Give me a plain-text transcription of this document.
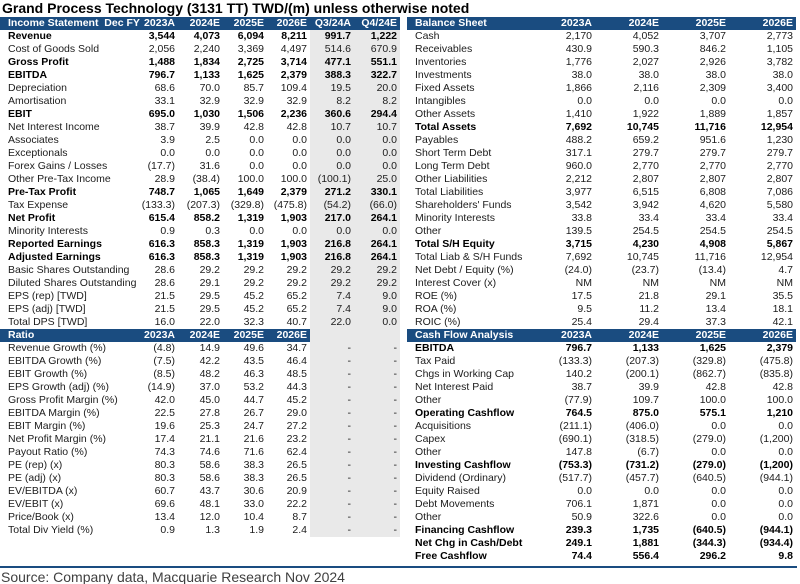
Grand Process Technology (3131 TT) TWD/(m) unless otherwise noted
Income Statement  Dec FY	2023A	2024E	2025E	2026E	Q3/24A	Q4/24E
Revenue	3,544	4,073	6,094	8,211	991.7	1,222
Cost of Goods Sold	2,056	2,240	3,369	4,497	514.6	670.9
Gross Profit	1,488	1,834	2,725	3,714	477.1	551.1
EBITDA	796.7	1,133	1,625	2,379	388.3	322.7
Depreciation	68.6	70.0	85.7	109.4	19.5	20.0
Amortisation	33.1	32.9	32.9	32.9	8.2	8.2
EBIT	695.0	1,030	1,506	2,236	360.6	294.4
Net Interest Income	38.7	39.9	42.8	42.8	10.7	10.7
Associates	3.9	2.5	0.0	0.0	0.0	0.0
Exceptionals	0.0	0.0	0.0	0.0	0.0	0.0
Forex Gains / Losses	(17.7)	31.6	0.0	0.0	0.0	0.0
Other Pre-Tax Income	28.9	(38.4)	100.0	100.0	(100.1)	25.0
Pre-Tax Profit	748.7	1,065	1,649	2,379	271.2	330.1
Tax Expense	(133.3)	(207.3)	(329.8)	(475.8)	(54.2)	(66.0)
Net Profit	615.4	858.2	1,319	1,903	217.0	264.1
Minority Interests	0.9	0.3	0.0	0.0	0.0	0.0
Reported Earnings	616.3	858.3	1,319	1,903	216.8	264.1
Adjusted Earnings	616.3	858.3	1,319	1,903	216.8	264.1
Basic Shares Outstanding	28.6	29.2	29.2	29.2	29.2	29.2
Diluted Shares Outstanding	28.6	29.1	29.2	29.2	29.2	29.2
EPS (rep) [TWD]	21.5	29.5	45.2	65.2	7.4	9.0
EPS (adj) [TWD]	21.5	29.5	45.2	65.2	7.4	9.0
Total DPS [TWD]	16.0	22.0	32.3	40.7	22.0	0.0
Ratio	2023A	2024E	2025E	2026E		
Revenue Growth (%)	(4.8)	14.9	49.6	34.7	-	-
EBITDA Growth (%)	(7.5)	42.2	43.5	46.4	-	-
EBIT Growth (%)	(8.5)	48.2	46.3	48.5	-	-
EPS Growth (adj) (%)	(14.9)	37.0	53.2	44.3	-	-
Gross Profit Margin (%)	42.0	45.0	44.7	45.2	-	-
EBITDA Margin (%)	22.5	27.8	26.7	29.0	-	-
EBIT Margin (%)	19.6	25.3	24.7	27.2	-	-
Net Profit Margin (%)	17.4	21.1	21.6	23.2	-	-
Payout Ratio (%)	74.3	74.6	71.6	62.4	-	-
PE (rep) (x)	80.3	58.6	38.3	26.5	-	-
PE (adj) (x)	80.3	58.6	38.3	26.5	-	-
EV/EBITDA (x)	60.7	43.7	30.6	20.9	-	-
EV/EBIT (x)	69.6	48.1	33.0	22.2	-	-
Price/Book (x)	13.4	12.0	10.4	8.7	-	-
Total Div Yield (%)	0.9	1.3	1.9	2.4	-	-
Balance Sheet	2023A	2024E	2025E	2026E
Cash	2,170	4,052	3,707	2,773
Receivables	430.9	590.3	846.2	1,105
Inventories	1,776	2,027	2,926	3,782
Investments	38.0	38.0	38.0	38.0
Fixed Assets	1,866	2,116	2,309	3,400
Intangibles	0.0	0.0	0.0	0.0
Other Assets	1,410	1,922	1,889	1,857
Total Assets	7,692	10,745	11,716	12,954
Payables	488.2	659.2	951.6	1,230
Short Term Debt	317.1	279.7	279.7	279.7
Long Term Debt	960.0	2,770	2,770	2,770
Other Liabilities	2,212	2,807	2,807	2,807
Total Liabilities	3,977	6,515	6,808	7,086
Shareholders' Funds	3,542	3,942	4,620	5,580
Minority Interests	33.8	33.4	33.4	33.4
Other	139.5	254.5	254.5	254.5
Total S/H Equity	3,715	4,230	4,908	5,867
Total Liab & S/H Funds	7,692	10,745	11,716	12,954
Net Debt / Equity (%)	(24.0)	(23.7)	(13.4)	4.7
Interest Cover (x)	NM	NM	NM	NM
ROE (%)	17.5	21.8	29.1	35.5
ROA (%)	9.5	11.2	13.4	18.1
ROIC (%)	25.4	29.4	37.3	42.1
Cash Flow Analysis	2023A	2024E	2025E	2026E
EBITDA	796.7	1,133	1,625	2,379
Tax Paid	(133.3)	(207.3)	(329.8)	(475.8)
Chgs in Working Cap	140.2	(200.1)	(862.7)	(835.8)
Net Interest Paid	38.7	39.9	42.8	42.8
Other	(77.9)	109.7	100.0	100.0
Operating Cashflow	764.5	875.0	575.1	1,210
Acquisitions	(211.1)	(406.0)	0.0	0.0
Capex	(690.1)	(318.5)	(279.0)	(1,200)
Other	147.8	(6.7)	0.0	0.0
Investing Cashflow	(753.3)	(731.2)	(279.0)	(1,200)
Dividend (Ordinary)	(517.7)	(457.7)	(640.5)	(944.1)
Equity Raised	0.0	0.0	0.0	0.0
Debt Movements	706.1	1,871	0.0	0.0
Other	50.9	322.6	0.0	0.0
Financing Cashflow	239.3	1,735	(640.5)	(944.1)
Net Chg in Cash/Debt	249.1	1,881	(344.3)	(934.4)
Free Cashflow	74.4	556.4	296.2	9.8
Source: Company data, Macquarie Research Nov 2024
